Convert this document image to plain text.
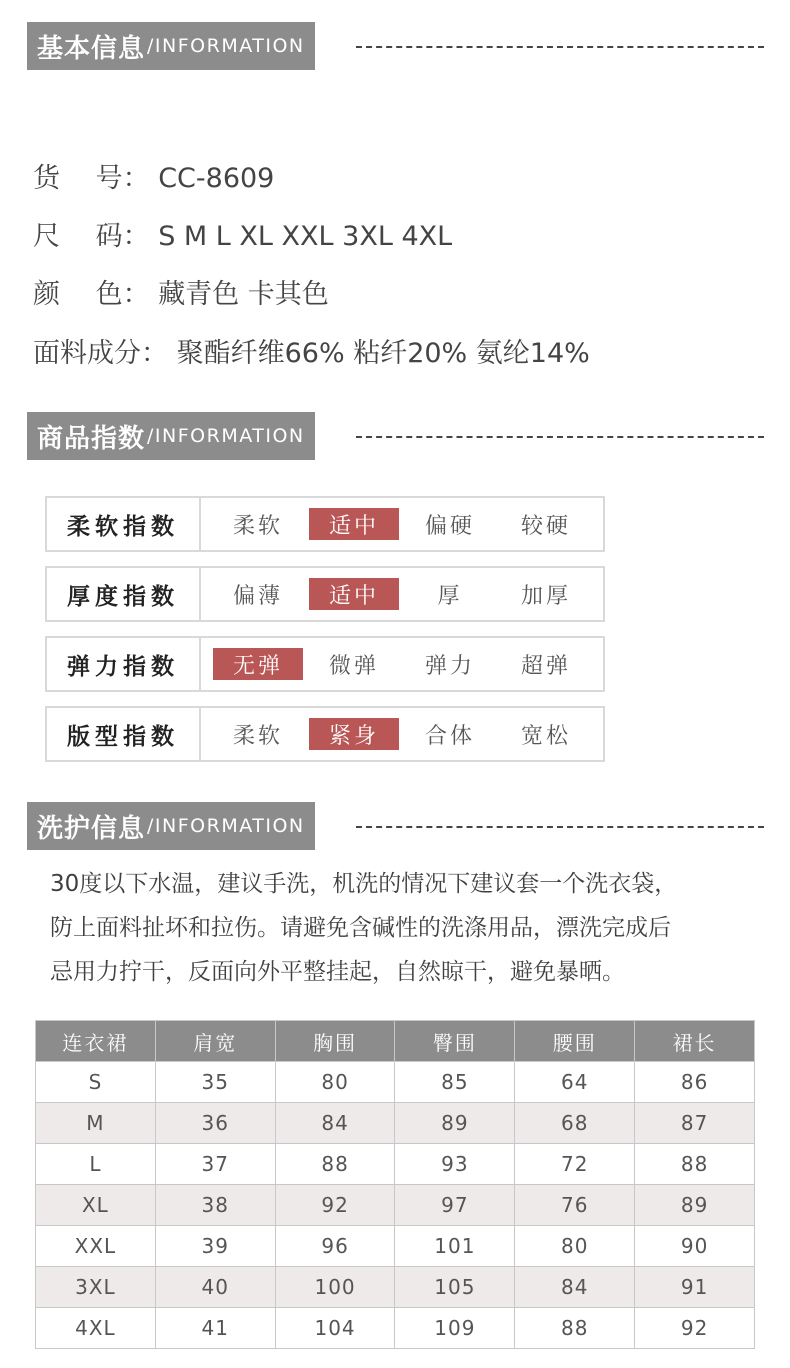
基本信息 /INFORMATION
货　 号： CC-8609
尺　 码： S M L XL XXL 3XL 4XL
颜　 色： 藏青色 卡其色
面料成分： 聚酯纤维66% 粘纤20% 氨纶14%
商品指数 /INFORMATION
柔软指数	柔软	适中	偏硬	较硬
厚度指数	偏薄	适中	厚	加厚
弹力指数	无弹	微弹	弹力	超弹
版型指数	柔软	紧身	合体	宽松
洗护信息 /INFORMATION
30度以下水温，建议手洗，机洗的情况下建议套一个洗衣袋，
防上面料扯坏和拉伤。请避免含碱性的洗涤用品，漂洗完成后
忌用力拧干，反面向外平整挂起，自然晾干，避免暴晒。
连衣裙	肩宽	胸围	臀围	腰围	裙长
S	35	80	85	64	86
M	36	84	89	68	87
L	37	88	93	72	88
XL	38	92	97	76	89
XXL	39	96	101	80	90
3XL	40	100	105	84	91
4XL	41	104	109	88	92
